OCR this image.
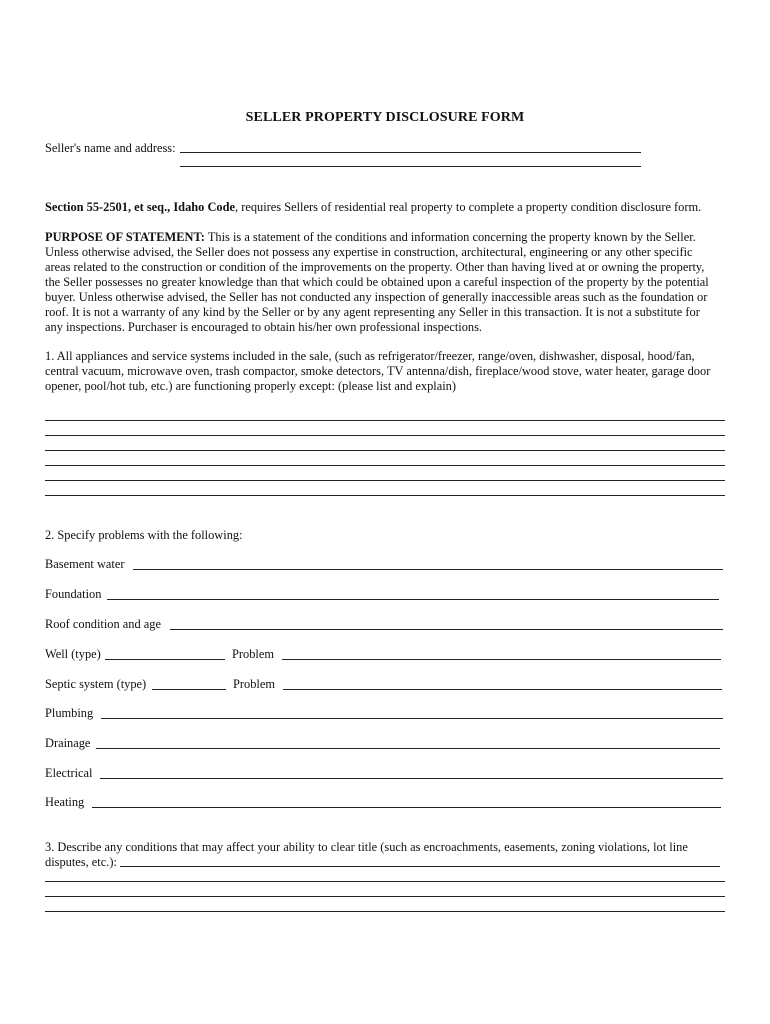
SELLER PROPERTY DISCLOSURE FORM
Seller's name and address:
Section 55-2501, et seq., Idaho Code, requires Sellers of residential real property to complete a property condition disclosure form.
PURPOSE OF STATEMENT: This is a statement of the conditions and information concerning the property known by the Seller.
Unless otherwise advised, the Seller does not possess any expertise in construction, architectural, engineering or any other specific
areas related to the construction or condition of the improvements on the property. Other than having lived at or owning the property,
the Seller possesses no greater knowledge than that which could be obtained upon a careful inspection of the property by the potential
buyer. Unless otherwise advised, the Seller has not conducted any inspection of generally inaccessible areas such as the foundation or
roof. It is not a warranty of any kind by the Seller or by any agent representing any Seller in this transaction. It is not a substitute for
any inspections. Purchaser is encouraged to obtain his/her own professional inspections.
1. All appliances and service systems included in the sale, (such as refrigerator/freezer, range/oven, dishwasher, disposal, hood/fan,
central vacuum, microwave oven, trash compactor, smoke detectors, TV antenna/dish, fireplace/wood stove, water heater, garage door
opener, pool/hot tub, etc.) are functioning properly except: (please list and explain)
2. Specify problems with the following:
Basement water
Foundation
Roof condition and age
Well (type)	Problem
Septic system (type)	Problem
Plumbing
Drainage
Electrical
Heating
3. Describe any conditions that may affect your ability to clear title (such as encroachments, easements, zoning violations, lot line
disputes, etc.):
